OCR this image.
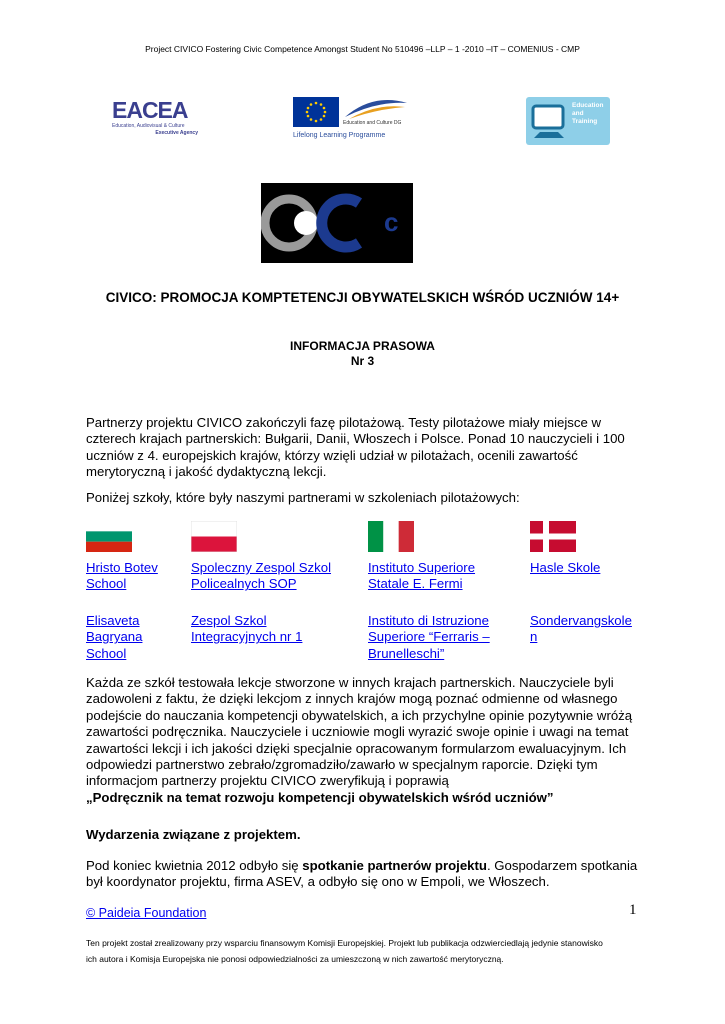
Project CIVICO Fostering Civic Competence Amongst Student No 510496 –LLP – 1 -2010 –IT – COMENIUS - CMP
EACEA
Education, Audiovisual & Culture
Executive Agency
Education and Culture DG
Lifelong Learning Programme
Education
and
Training
c
CIVICO: PROMOCJA KOMPTETENCJI OBYWATELSKICH WŚRÓD UCZNIÓW 14+
INFORMACJA PRASOWA
Nr 3
Partnerzy projektu CIVICO zakończyli fazę pilotażową. Testy pilotażowe miały miejsce w czterech krajach partnerskich: Bułgarii, Danii, Włoszech i Polsce. Ponad 10 nauczycieli i 100 uczniów z 4. europejskich krajów, którzy wzięli udział w pilotażach, ocenili zawartość merytoryczną i jakość dydaktyczną lekcji.
Poniżej szkoły, które były naszymi partnerami w szkoleniach pilotażowych:
Hristo Botev
School
Spoleczny Zespol Szkol
Policealnych SOP
Instituto Superiore
Statale E. Fermi
Hasle Skole
Elisaveta
Bagryana
School
Zespol Szkol
Integracyjnych nr 1
Instituto di Istruzione
Superiore “Ferraris –
Brunelleschi”
Sondervangskole
n
Każda ze szkół testowała lekcje stworzone w innych krajach partnerskich. Nauczyciele byli zadowoleni z faktu, że dzięki lekcjom z innych krajów mogą poznać odmienne od własnego podejście do nauczania kompetencji obywatelskich, a ich przychylne opinie pozytywnie wróżą zawartości podręcznika. Nauczyciele i uczniowie mogli wyrazić swoje opinie i uwagi na temat zawartości lekcji i ich jakości dzięki specjalnie opracowanym formularzom ewaluacyjnym. Ich odpowiedzi partnerstwo zebrało/zgromadziło/zawarło w specjalnym raporcie. Dzięki tym informacjom partnerzy projektu CIVICO zweryfikują i poprawią
„Podręcznik na temat rozwoju kompetencji obywatelskich wśród uczniów”
Wydarzenia związane z projektem.
Pod koniec kwietnia 2012 odbyło się spotkanie partnerów projektu. Gospodarzem spotkania był koordynator projektu, firma ASEV, a odbyło się ono w Empoli, we Włoszech.
© Paideia Foundation	1
Ten projekt został zrealizowany przy wsparciu finansowym Komisji Europejskiej. Projekt lub publikacja odzwierciedlają jedynie stanowisko
ich autora i Komisja Europejska nie ponosi odpowiedzialności za umieszczoną w nich zawartość merytoryczną.
